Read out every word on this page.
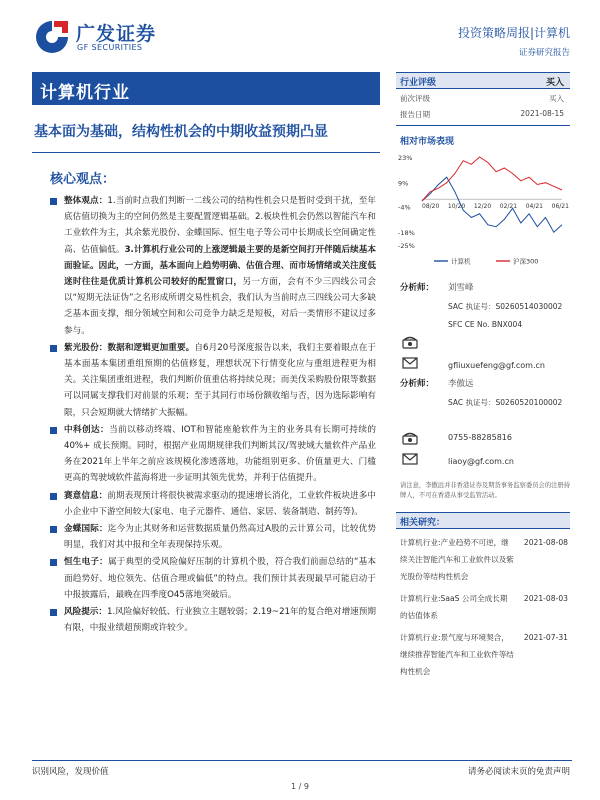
广发证券
GF SECURITIES
投资策略周报|计算机
证券研究报告
计算机行业
基本面为基础，结构性机会的中期收益预期凸显
核心观点：
整体观点：1.当前时点我们判断一二线公司的结构性机会只是暂时受到干扰，至年底估值切换为主的空间仍然是主要配置逻辑基础。2.板块性机会仍然以智能汽车和工业软件为主，其余紫光股份、金蝶国际、恒生电子等公司中长期成长空间确定性高、估值偏低。3.计算机行业公司的上涨逻辑最主要的是新空间打开伴随后续基本面验证。因此，一方面，基本面向上趋势明确、估值合理、而市场情绪或关注度低迷时往往是优质计算机公司较好的配置窗口，另一方面，会有不少三四线公司会以“短期无法证伪”之名形成所谓交易性机会，我们认为当前时点三四线公司大多缺乏基本面支撑，细分领域空间和公司竞争力缺乏是短板，对后一类情形不建议过多参与。
紫光股份：数据和逻辑更加重要。自6月20号深度报告以来，我们主要着眼点在于基本面基本集团重组预期的估值修复，理想状况下行情变化应与重组进程更为相关。关注集团重组进程，我们判断价值重估将持续兑现；而美伐采购股份限等数据可以同属支撑我们对前景的乐观；至于其同行市场份额收缩与否，因为选际影响有限，只会短期就大情绪扩大振幅。
中科创达：当前以移动终端、IOT和智能座舱软件为主的业务具有长期可持续的40%+ 成长预期。同时，根据产业周期规律我们判断其汉/驾驶域大量软件产品业务在2021年上半年之前应该规模化渗透落地，功能组别更多、价值量更大、门槛更高的驾驶域软件蓝海将进一步证明其领先优势，并利于估值提升。
赛意信息：前期表现预计将很快被需求驱动的提速增长消化，工业软件板块进多中小企业中下游空间较大(家电、电子元器件、通信、家居、装备制造、制药等)。
金蝶国际：迄今为止其财务和运营数据质量仍然高过A股的云计算公司，比较优势明显，我们对其中报和全年表现保持乐观。
恒生电子：属于典型的受风险偏好压制的计算机个股，符合我们前面总结的“基本面趋势好、地位领先、估值合理或偏低”的特点。我们预计其表现最早可能启动于中报披露后，最晚在四季度O45落地突破后。
风险提示：1.风险偏好较低、行业独立主题较弱；2.19~21年的复合绝对增速预期有限，中报业绩超预期或许较少。
行业评级	买入
前次评级	买入
报告日期	2021-08-15
相对市场表现
23%
9%
-4%
-18%
-25%
08/20 10/20 12/20 02/21 04/21 06/21
计算机	沪深300
分析师： 刘雪峰
SAC 执证号：S0260514030002
SFC CE No. BNX004
gfliuxuefeng@gf.com.cn
分析师： 李傲远
SAC 执证号：S0260520100002
0755-88285816
liaoy@gf.com.cn
请注意，李傲远并非香港证券及期货事务监察委员会的注册持牌人，不可在香港从事受监管活动。
相关研究：
计算机行业:产业趋势不可逆，继续关注智能汽车和工业软件以及紫光股份等结构性机会
2021-08-08
计算机行业:SaaS 公司全成长期的估值体系
2021-08-03
计算机行业:景气度与环境契合，继续推荐智能汽车和工业软件等结构性机会
2021-07-31
识别风险，发现价值	请务必阅读末页的免责声明
1 / 9
